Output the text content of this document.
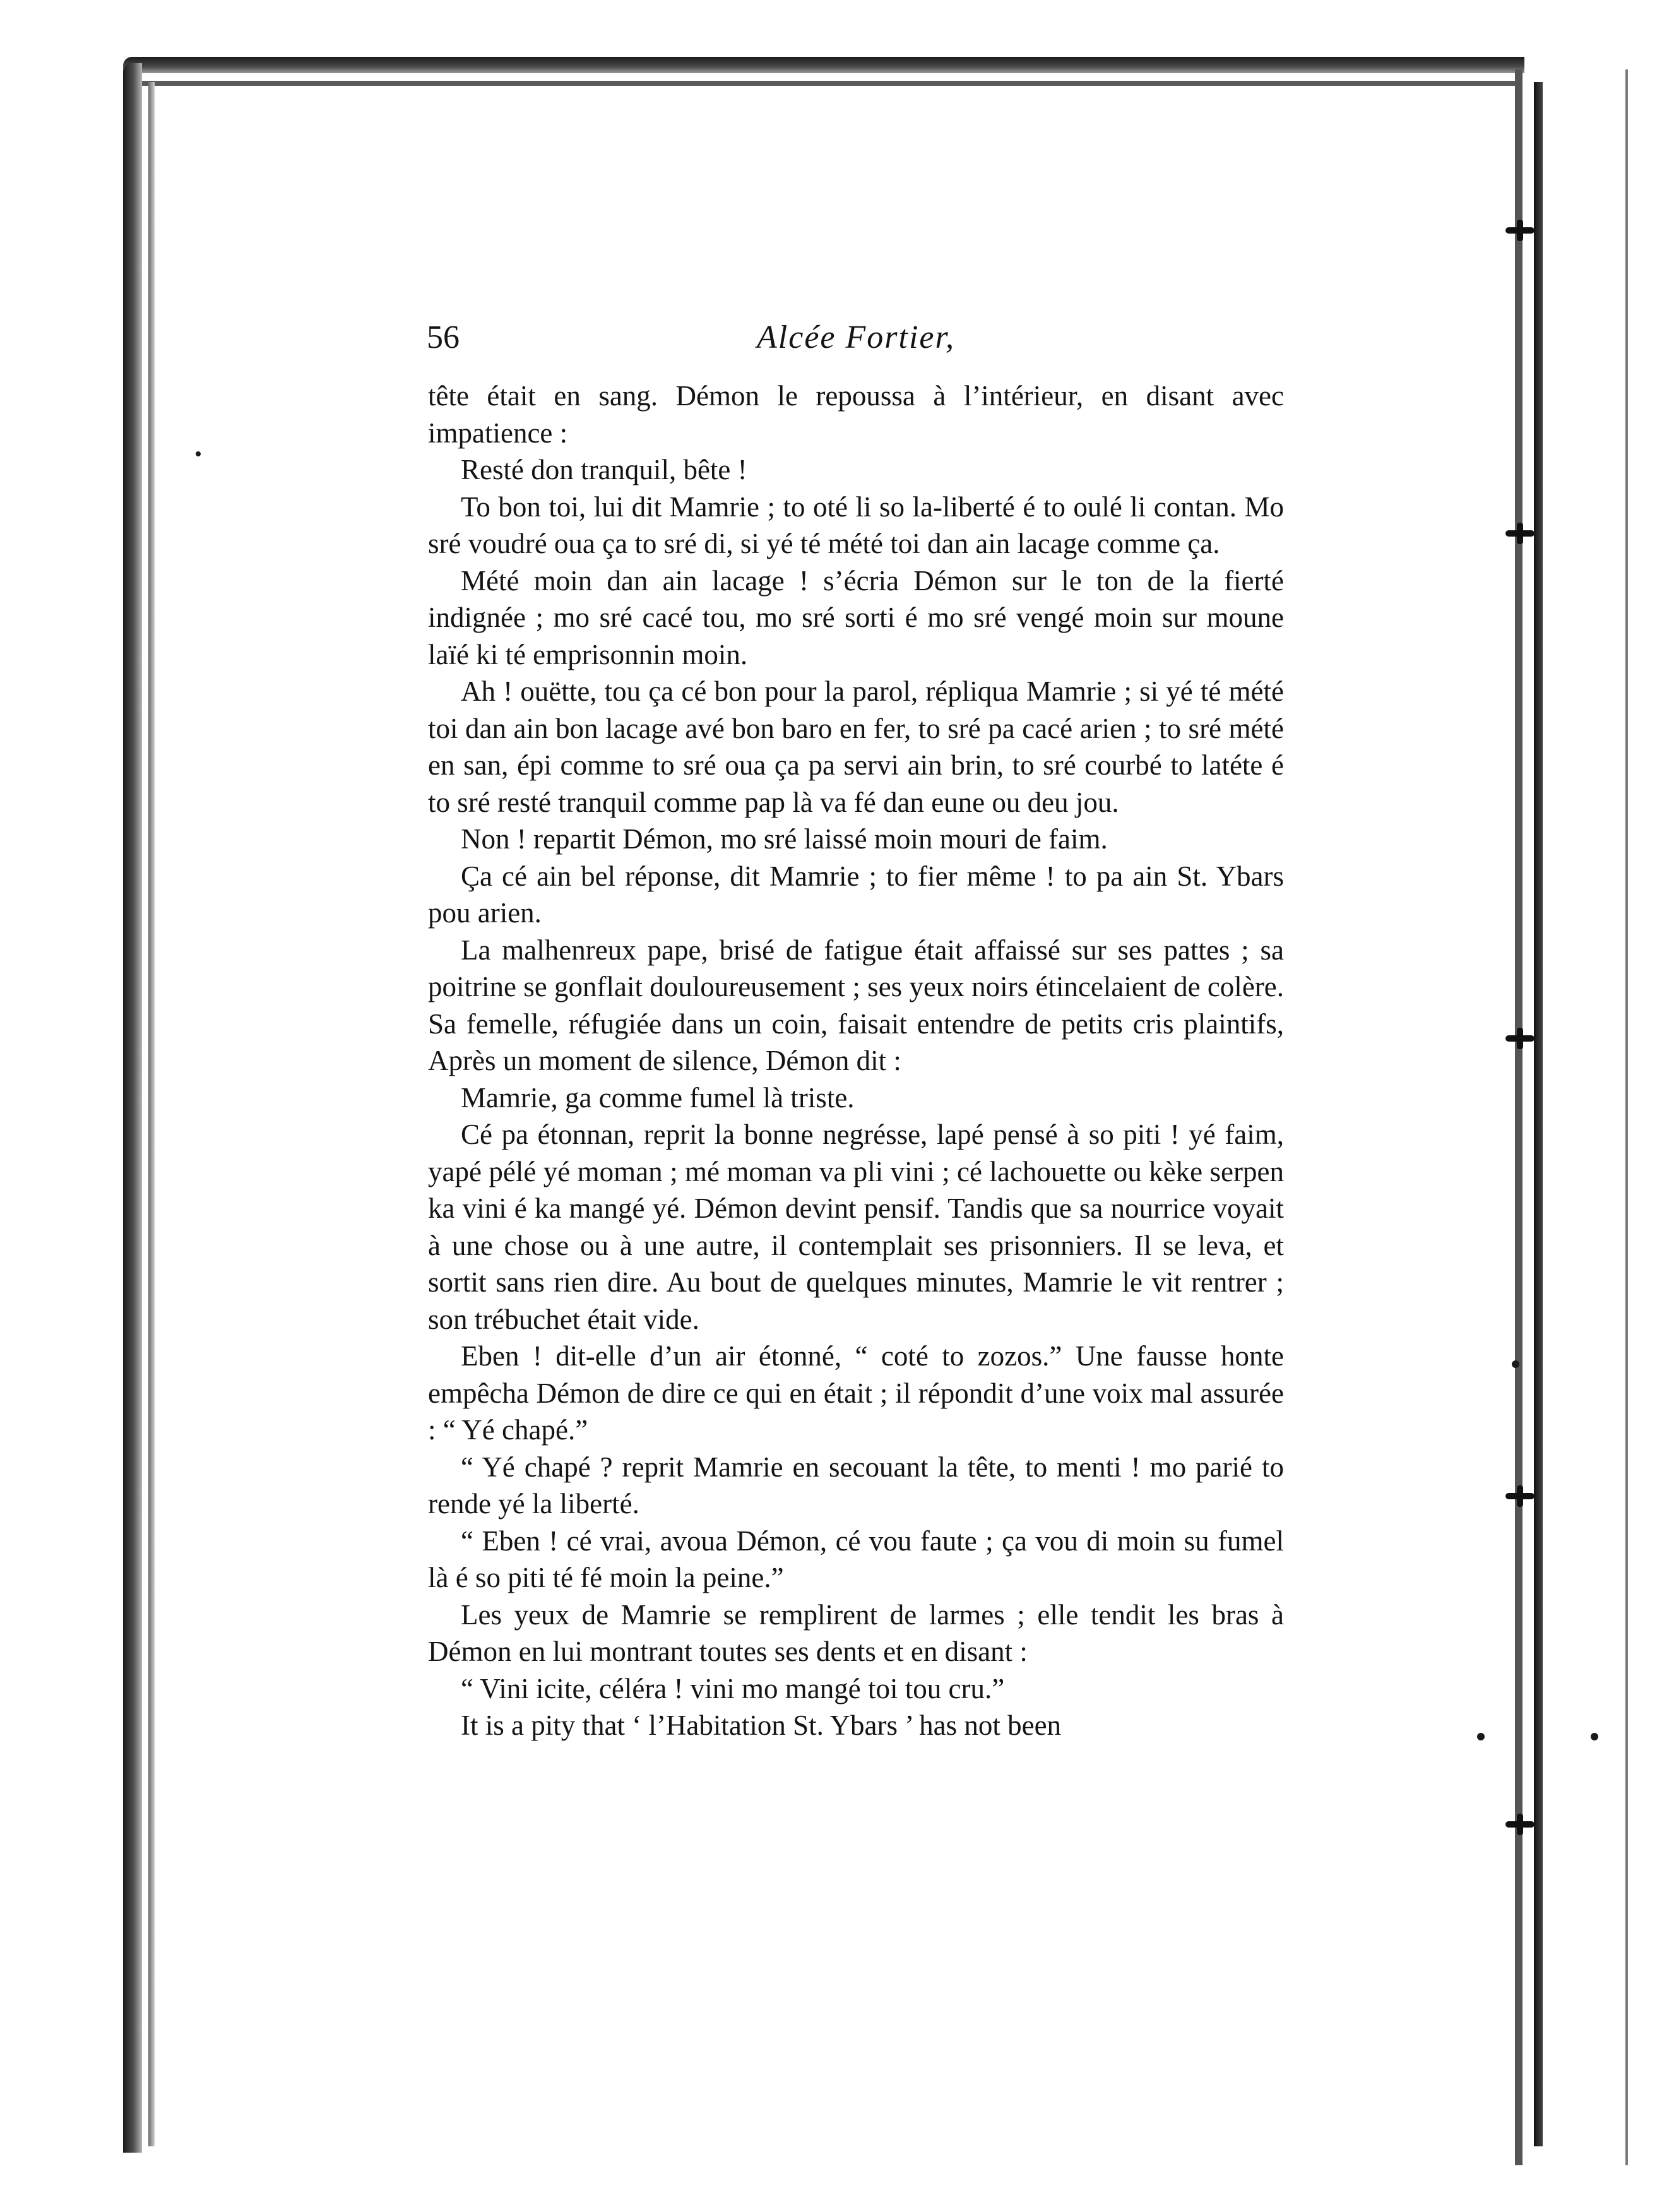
56	Alcée Fortier,

tête était en sang. Démon le repoussa à l’intérieur, en disant avec impatience :

Resté don tranquil, bête !

To bon toi, lui dit Mamrie ; to oté li so la-liberté é to oulé li contan. Mo sré voudré oua ça to sré di, si yé té mété toi dan ain lacage comme ça.

Mété moin dan ain lacage ! s’écria Démon sur le ton de la fierté indignée ; mo sré cacé tou, mo sré sorti é mo sré vengé moin sur moune laïé ki té emprisonnin moin.

Ah ! ouëtte, tou ça cé bon pour la parol, répliqua Mamrie ; si yé té mété toi dan ain bon lacage avé bon baro en fer, to sré pa cacé arien ; to sré mété en san, épi comme to sré oua ça pa servi ain brin, to sré courbé to latéte é to sré resté tranquil comme pap là va fé dan eune ou deu jou.

Non ! repartit Démon, mo sré laissé moin mouri de faim.

Ça cé ain bel réponse, dit Mamrie ; to fier même ! to pa ain St. Ybars pou arien.

La malhenreux pape, brisé de fatigue était affaissé sur ses pattes ; sa poitrine se gonflait douloureusement ; ses yeux noirs étincelaient de colère. Sa femelle, réfugiée dans un coin, faisait entendre de petits cris plaintifs, Après un moment de silence, Démon dit :

Mamrie, ga comme fumel là triste.

Cé pa étonnan, reprit la bonne negrésse, lapé pensé à so piti ! yé faim, yapé pélé yé moman ; mé moman va pli vini ; cé lachouette ou kèke serpen ka vini é ka mangé yé. Démon devint pensif. Tandis que sa nourrice voyait à une chose ou à une autre, il contemplait ses prisonniers. Il se leva, et sortit sans rien dire. Au bout de quelques minutes, Mamrie le vit rentrer ; son trébuchet était vide.

Eben ! dit-elle d’un air étonné, “ coté to zozos.” Une fausse honte empêcha Démon de dire ce qui en était ; il répondit d’une voix mal assurée : “ Yé chapé.”

“ Yé chapé ? reprit Mamrie en secouant la tête, to menti ! mo parié to rende yé la liberté.

“ Eben ! cé vrai, avoua Démon, cé vou faute ; ça vou di moin su fumel là é so piti té fé moin la peine.”

Les yeux de Mamrie se remplirent de larmes ; elle tendit les bras à Démon en lui montrant toutes ses dents et en disant :

“ Vini icite, céléra ! vini mo mangé toi tou cru.”

It is a pity that ‘ l’Habitation St. Ybars ’ has not been
